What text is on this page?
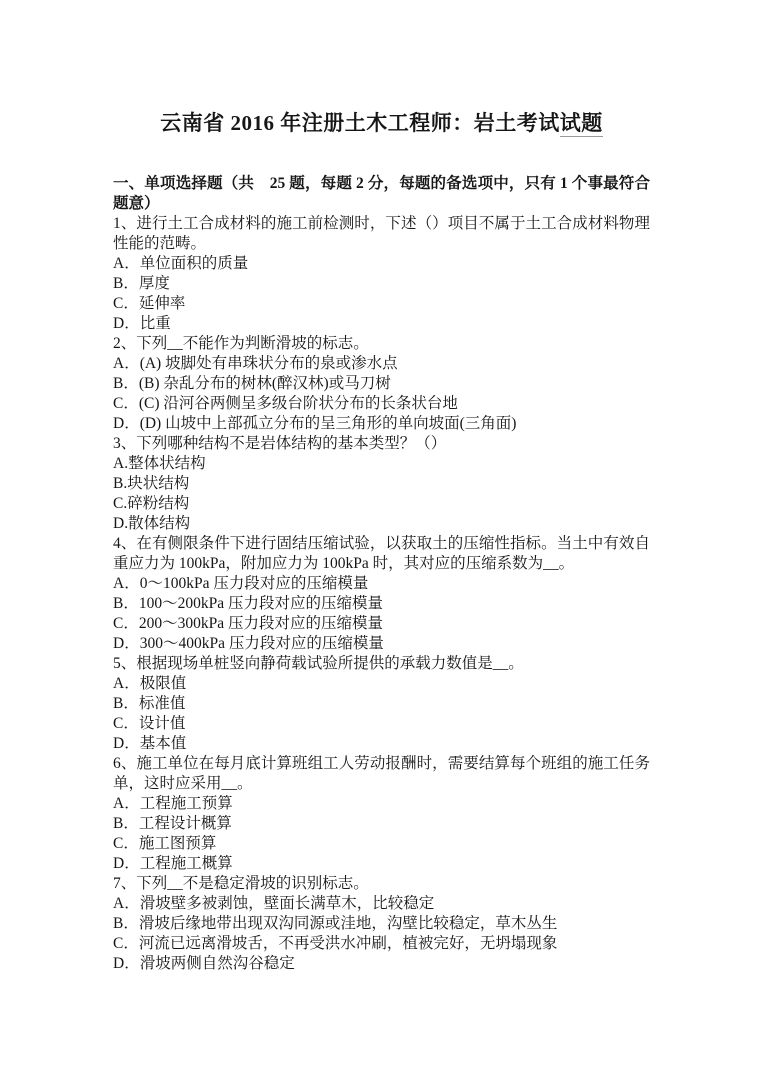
云南省 2016 年注册土木工程师：岩土考试试题

一、单项选择题（共　25 题，每题 2 分，每题的备选项中，只有 1 个事最符合题意）

1、进行土工合成材料的施工前检测时，下述（）项目不属于土工合成材料物理性能的范畴。

A．单位面积的质量

B．厚度

C．延伸率

D．比重

2、下列__不能作为判断滑坡的标志。

A．(A) 坡脚处有串珠状分布的泉或渗水点

B．(B) 杂乱分布的树林(醉汉林)或马刀树

C．(C) 沿河谷两侧呈多级台阶状分布的长条状台地

D．(D) 山坡中上部孤立分布的呈三角形的单向坡面(三角面)

3、下列哪种结构不是岩体结构的基本类型？（）

A.整体状结构

B.块状结构

C.碎粉结构

D.散体结构

4、在有侧限条件下进行固结压缩试验，以获取土的压缩性指标。当土中有效自重应力为 100kPa，附加应力为 100kPa 时，其对应的压缩系数为__。

A．0～100kPa 压力段对应的压缩模量

B．100～200kPa 压力段对应的压缩模量

C．200～300kPa 压力段对应的压缩模量

D．300～400kPa 压力段对应的压缩模量

5、根据现场单桩竖向静荷载试验所提供的承载力数值是__。

A．极限值

B．标准值

C．设计值

D．基本值

6、施工单位在每月底计算班组工人劳动报酬时，需要结算每个班组的施工任务单，这时应采用__。

A．工程施工预算

B．工程设计概算

C．施工图预算

D．工程施工概算

7、下列__不是稳定滑坡的识别标志。

A．滑坡壁多被剥蚀，壁面长满草木，比较稳定

B．滑坡后缘地带出现双沟同源或洼地，沟壁比较稳定，草木丛生

C．河流已远离滑坡舌，不再受洪水冲刷，植被完好，无坍塌现象

D．滑坡两侧自然沟谷稳定
